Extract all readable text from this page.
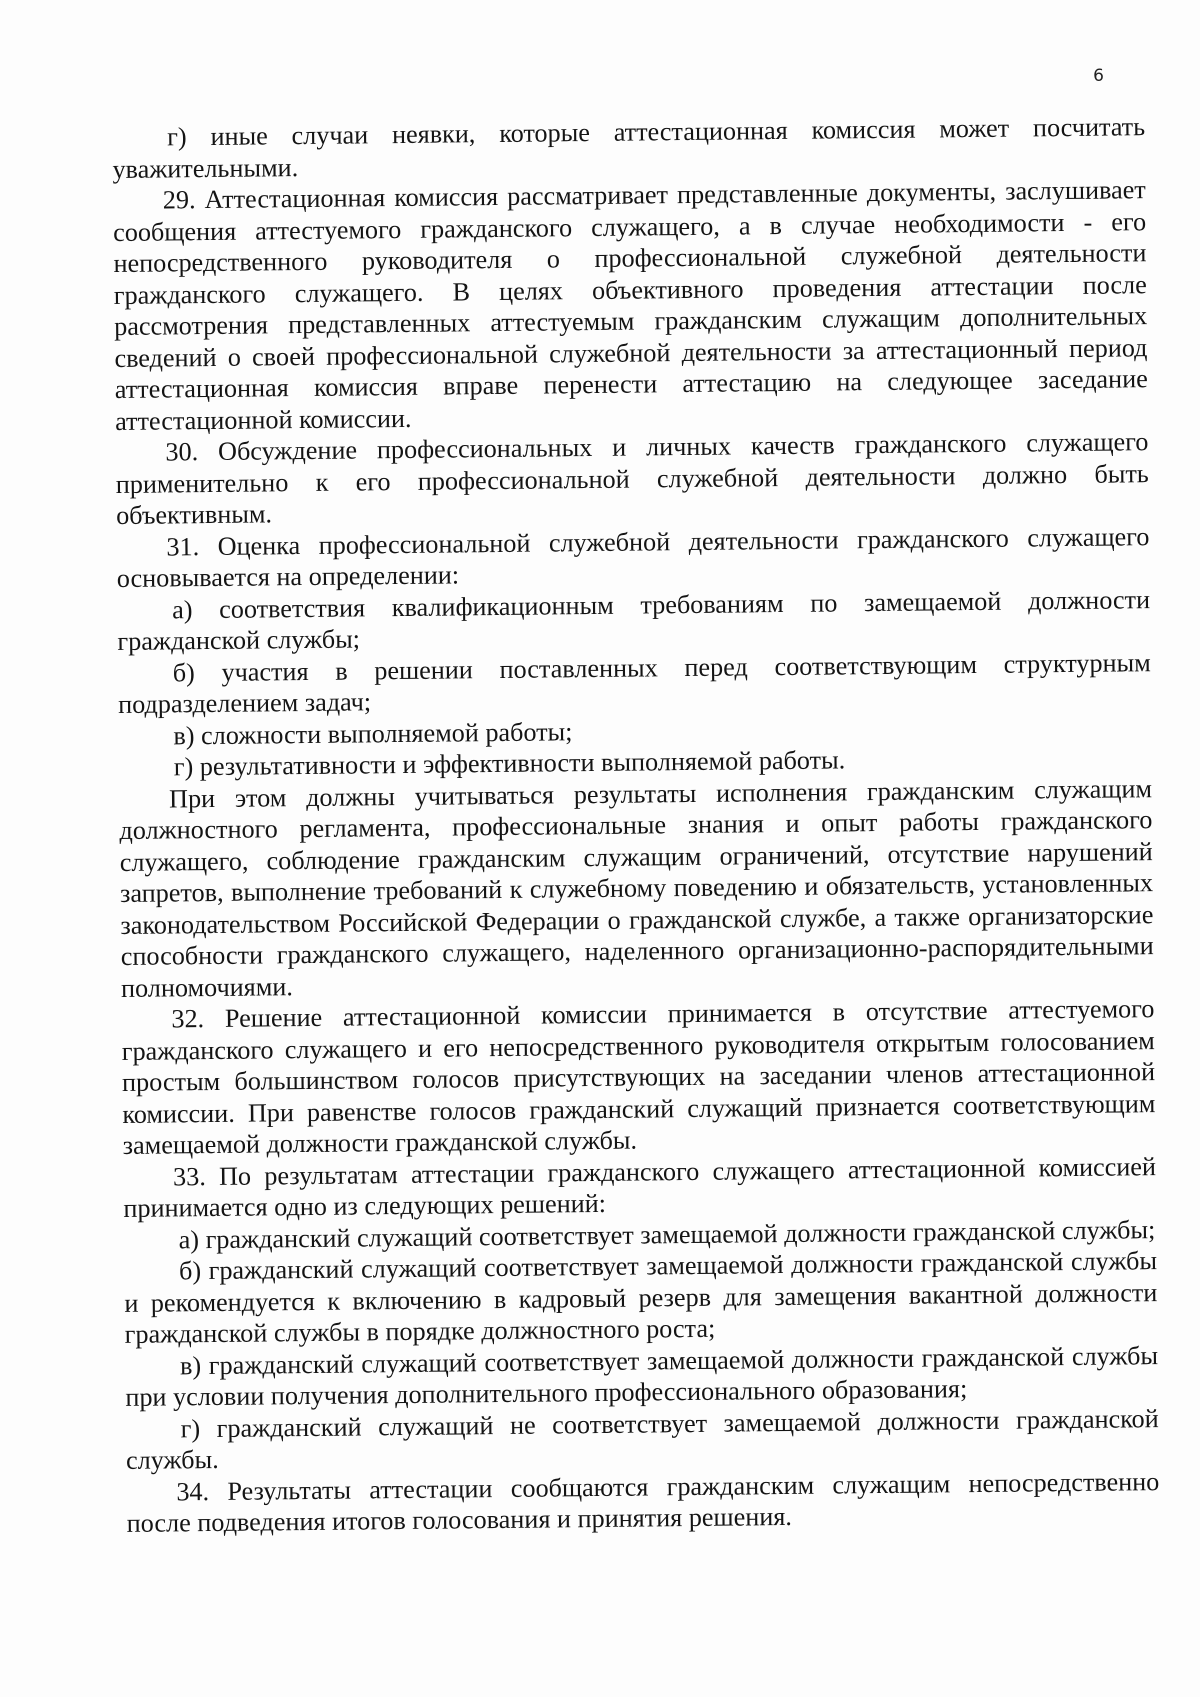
6

г) иные случаи неявки, которые аттестационная комиссия может посчитать уважительными.

29. Аттестационная комиссия рассматривает представленные документы, заслушивает сообщения аттестуемого гражданского служащего, а в случае необходимости - его непосредственного руководителя о профессиональной служебной деятельности гражданского служащего. В целях объективного проведения аттестации после рассмотрения представленных аттестуемым гражданским служащим дополнительных сведений о своей профессиональной служебной деятельности за аттестационный период аттестационная комиссия вправе перенести аттестацию на следующее заседание аттестационной комиссии.

30. Обсуждение профессиональных и личных качеств гражданского служащего применительно к его профессиональной служебной деятельности должно быть объективным.

31. Оценка профессиональной служебной деятельности гражданского служащего основывается на определении:

а) соответствия квалификационным требованиям по замещаемой должности гражданской службы;

б) участия в решении поставленных перед соответствующим структурным подразделением задач;

в) сложности выполняемой работы;

г) результативности и эффективности выполняемой работы.

При этом должны учитываться результаты исполнения гражданским служащим должностного регламента, профессиональные знания и опыт работы гражданского служащего, соблюдение гражданским служащим ограничений, отсутствие нарушений запретов, выполнение требований к служебному поведению и обязательств, установленных законодательством Российской Федерации о гражданской службе, а также организаторские способности гражданского служащего, наделенного организационно-распорядительными полномочиями.

32. Решение аттестационной комиссии принимается в отсутствие аттестуемого гражданского служащего и его непосредственного руководителя открытым голосованием простым большинством голосов присутствующих на заседании членов аттестационной комиссии. При равенстве голосов гражданский служащий признается соответствующим замещаемой должности гражданской службы.

33. По результатам аттестации гражданского служащего аттестационной комиссией принимается одно из следующих решений:

а) гражданский служащий соответствует замещаемой должности гражданской службы;

б) гражданский служащий соответствует замещаемой должности гражданской службы и рекомендуется к включению в кадровый резерв для замещения вакантной должности гражданской службы в порядке должностного роста;

в) гражданский служащий соответствует замещаемой должности гражданской службы при условии получения дополнительного профессионального образования;

г) гражданский служащий не соответствует замещаемой должности гражданской службы.

34. Результаты аттестации сообщаются гражданским служащим непосредственно после подведения итогов голосования и принятия решения.
